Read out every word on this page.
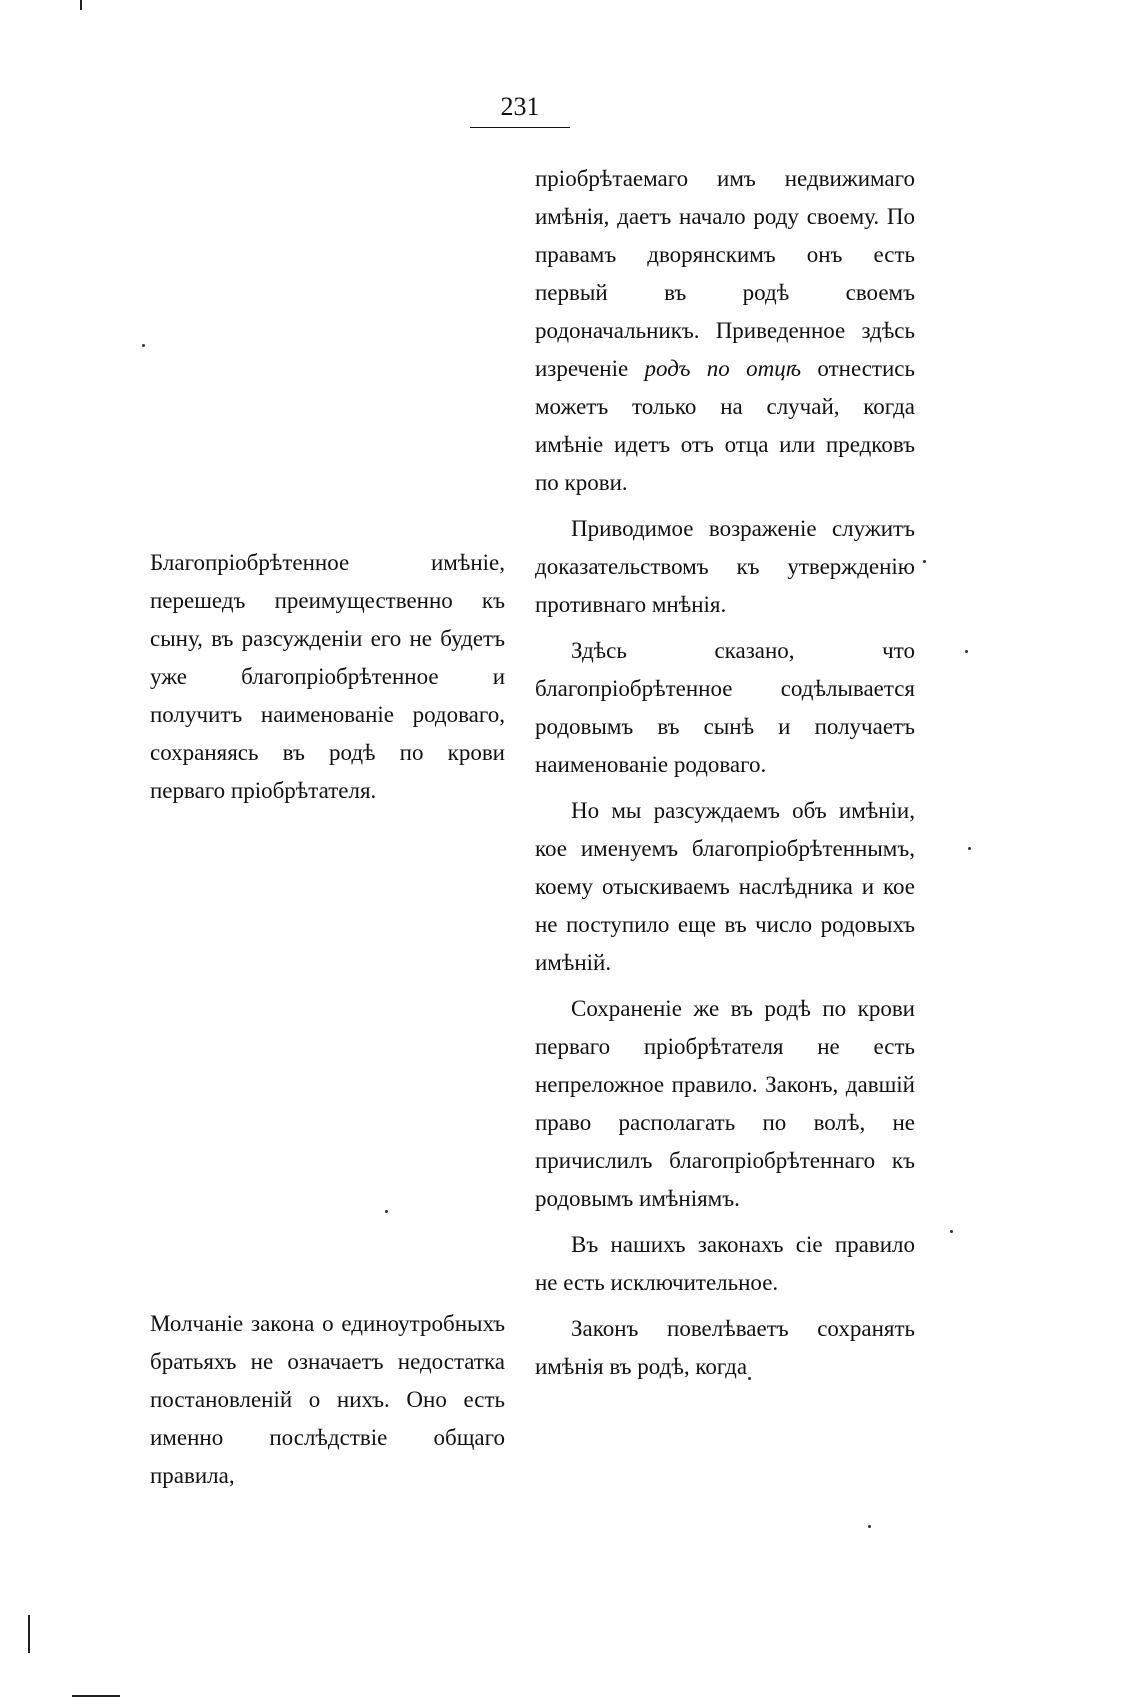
231

пріобрѣтаемаго имъ недвижимаго имѣнія, даетъ начало роду своему. По правамъ дворянскимъ онъ есть первый въ родѣ своемъ родоначальникъ. Приведенное здѣсь изреченіе родъ по отцѣ отнестись можетъ только на случай, когда имѣніе идетъ отъ отца или предковъ по крови.

Приводимое возраженіе служитъ доказательствомъ къ утвержденію противнаго мнѣнія.

Здѣсь сказано, что благопріобрѣтенное содѣлывается родовымъ въ сынѣ и получаетъ наименованіе родоваго.

Но мы разсуждаемъ объ имѣніи, кое именуемъ благопріобрѣтеннымъ, коему отыскиваемъ наслѣдника и кое не поступило еще въ число родовыхъ имѣній.

Сохраненіе же въ родѣ по крови перваго пріобрѣтателя не есть непреложное правило. Законъ, давшій право располагать по волѣ, не причислилъ благопріобрѣтеннаго къ родовымъ имѣніямъ.

Въ нашихъ законахъ сіе правило не есть исключительное.

Законъ повелѣваетъ сохранять имѣнія въ родѣ, когда

Благопріобрѣтенное имѣніе, перешедъ преимущественно къ сыну, въ разсужденіи его не будетъ уже благопріобрѣтенное и получитъ наименованіе родоваго, сохраняясь въ родѣ по крови перваго пріобрѣтателя.

Молчаніе закона о единоутробныхъ братьяхъ не означаетъ недостатка постановленій о нихъ. Оно есть именно послѣдствіе общаго правила,
